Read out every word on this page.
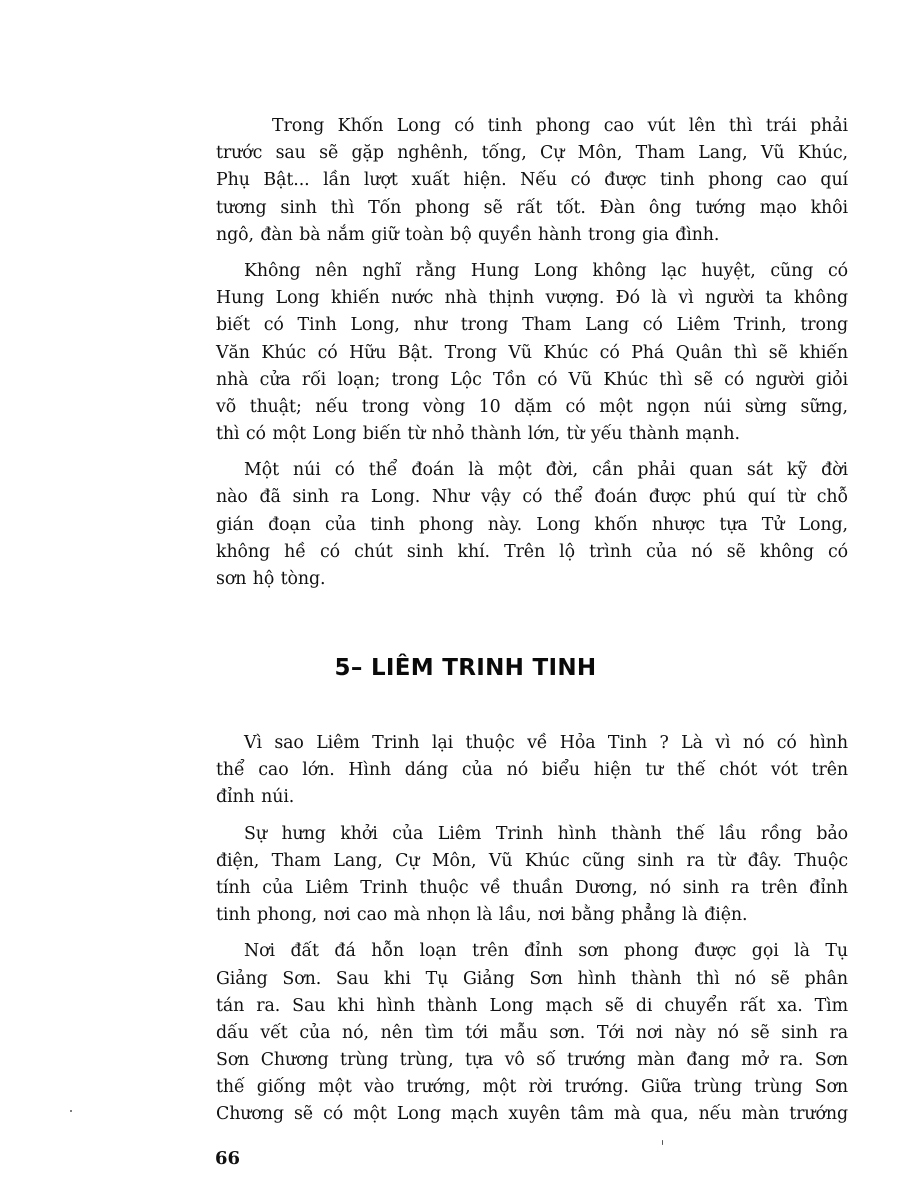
Trong Khốn Long có tinh phong cao vút lên thì trái phải
trước sau sẽ gặp nghênh, tống, Cự Môn, Tham Lang, Vũ Khúc,
Phụ Bật... lần lượt xuất hiện. Nếu có được tinh phong cao quí
tương sinh thì Tốn phong sẽ rất tốt. Đàn ông tướng mạo khôi
ngô, đàn bà nắm giữ toàn bộ quyền hành trong gia đình.
Không nên nghĩ rằng Hung Long không lạc huyệt, cũng có
Hung Long khiến nước nhà thịnh vượng. Đó là vì người ta không
biết có Tinh Long, như trong Tham Lang có Liêm Trinh, trong
Văn Khúc có Hữu Bật. Trong Vũ Khúc có Phá Quân thì sẽ khiến
nhà cửa rối loạn; trong Lộc Tồn có Vũ Khúc thì sẽ có người giỏi
võ thuật; nếu trong vòng 10 dặm có một ngọn núi sừng sững,
thì có một Long biến từ nhỏ thành lớn, từ yếu thành mạnh.
Một núi có thể đoán là một đời, cần phải quan sát kỹ đời
nào đã sinh ra Long. Như vậy có thể đoán được phú quí từ chỗ
gián đoạn của tinh phong này. Long khốn nhược tựa Tử Long,
không hề có chút sinh khí. Trên lộ trình của nó sẽ không có
sơn hộ tòng.
5– LIÊM TRINH TINH
Vì sao Liêm Trinh lại thuộc về Hỏa Tinh ? Là vì nó có hình
thể cao lớn. Hình dáng của nó biểu hiện tư thế chót vót trên
đỉnh núi.
Sự hưng khởi của Liêm Trinh hình thành thế lầu rồng bảo
điện, Tham Lang, Cự Môn, Vũ Khúc cũng sinh ra từ đây. Thuộc
tính của Liêm Trinh thuộc về thuần Dương, nó sinh ra trên đỉnh
tinh phong, nơi cao mà nhọn là lầu, nơi bằng phẳng là điện.
Nơi đất đá hỗn loạn trên đỉnh sơn phong được gọi là Tụ
Giảng Sơn. Sau khi Tụ Giảng Sơn hình thành thì nó sẽ phân
tán ra. Sau khi hình thành Long mạch sẽ di chuyển rất xa. Tìm
dấu vết của nó, nên tìm tới mẫu sơn. Tới nơi này nó sẽ sinh ra
Sơn Chương trùng trùng, tựa vô số trướng màn đang mở ra. Sơn
thế giống một vào trướng, một rời trướng. Giữa trùng trùng Sơn
Chương sẽ có một Long mạch xuyên tâm mà qua, nếu màn trướng
66
